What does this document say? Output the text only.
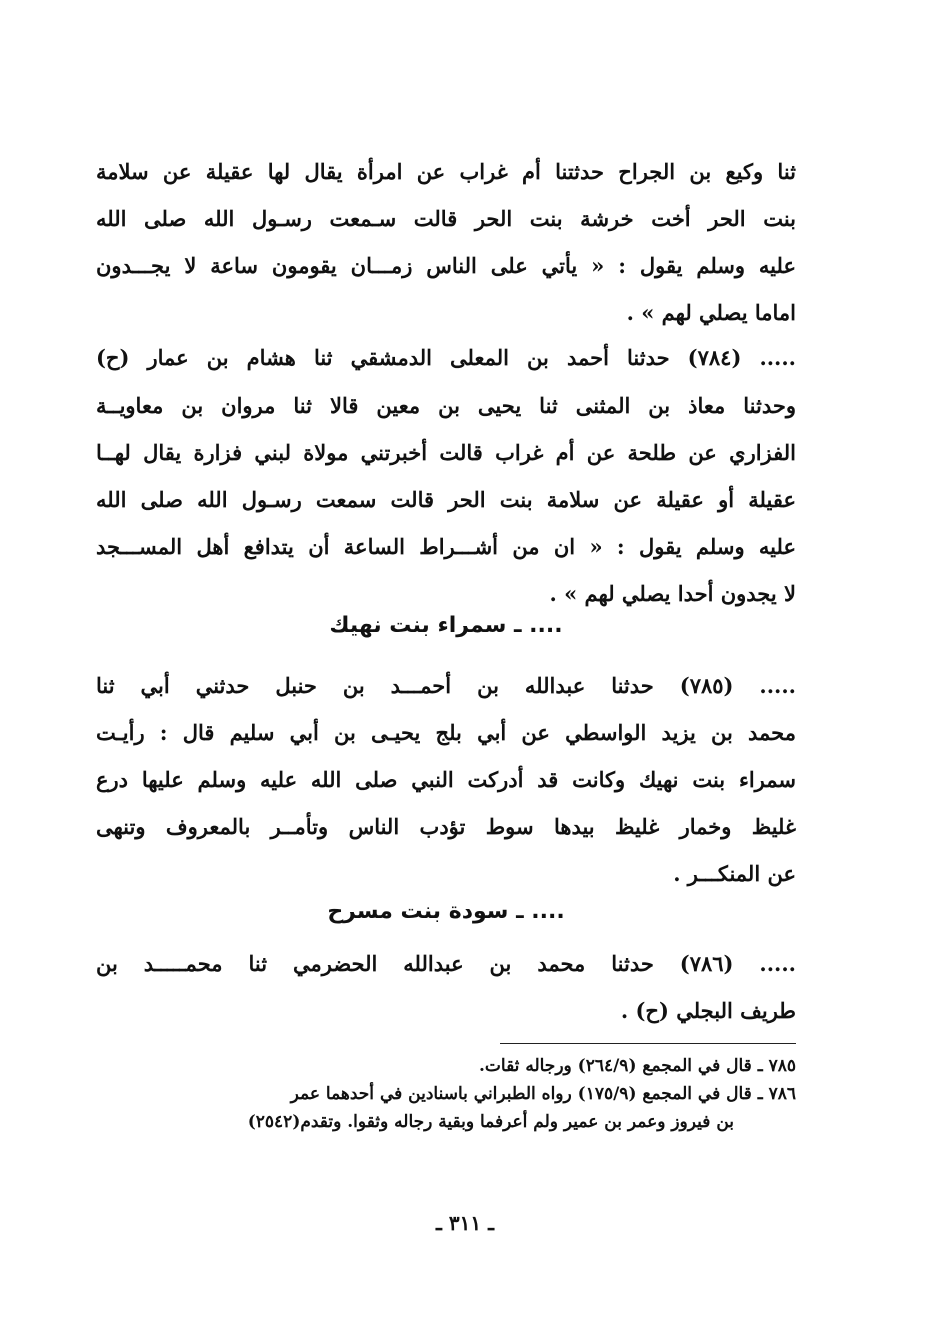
ثنا وكيع بن الجراح حدثتنا أم غراب عن امرأة يقال لها عقيلة عن سلامة
بنت الحر أخت خرشة بنت الحر قالت سـمعت رسـول الله صلى الله
عليه وسلم يقول : « يأتي على الناس زمـــان يقومون ساعة لا يجـــدون
اماما يصلي لهم » .
..... (٧٨٤) حدثنا أحمد بن المعلى الدمشقي ثنا هشام بن عمار (ح)
وحدثنا معاذ بن المثنى ثنا يحيى بن معين قالا ثنا مروان بن معاويــة
الفزاري عن طلحة عن أم غراب قالت أخبرتني مولاة لبني فزارة يقال لهــا
عقيلة أو عقيلة عن سلامة بنت الحر قالت سمعت رسـول الله صلى الله
عليه وسلم يقول : « ان من أشـــراط الساعة أن يتدافع أهل المســـجد
لا يجدون أحدا يصلي لهم » .
.... ـ سمراء بنت نهيك
..... (٧٨٥) حدثنا عبدالله بن أحمـــد بن حنبل حدثني أبي ثنا
محمد بن يزيد الواسطي عن أبي بلج يحيـى بن أبي سليم قال : رأيـت
سمراء بنت نهيك وكانت قد أدركت النبي صلى الله عليه وسلم عليها درع
غليظ وخمار غليظ بيدها سوط تؤدب الناس وتأمــر بالمعروف وتنهى
عن المنكـــر .
.... ـ سودة بنت مسرح
..... (٧٨٦) حدثنا محمد بن عبدالله الحضرمي ثنا محمـــــد بن
طريف البجلي (ح) .
٧٨٥ ـ قال في المجمع (٢٦٤/٩) ورجاله ثقات.
٧٨٦ ـ قال في المجمع (١٧٥/٩) رواه الطبراني باسنادين في أحدهما عمر
بن فيروز وعمر بن عمير ولم أعرفما وبقية رجاله وثقوا. وتقدم(٢٥٤٢)
ـ ٣١١ ـ
